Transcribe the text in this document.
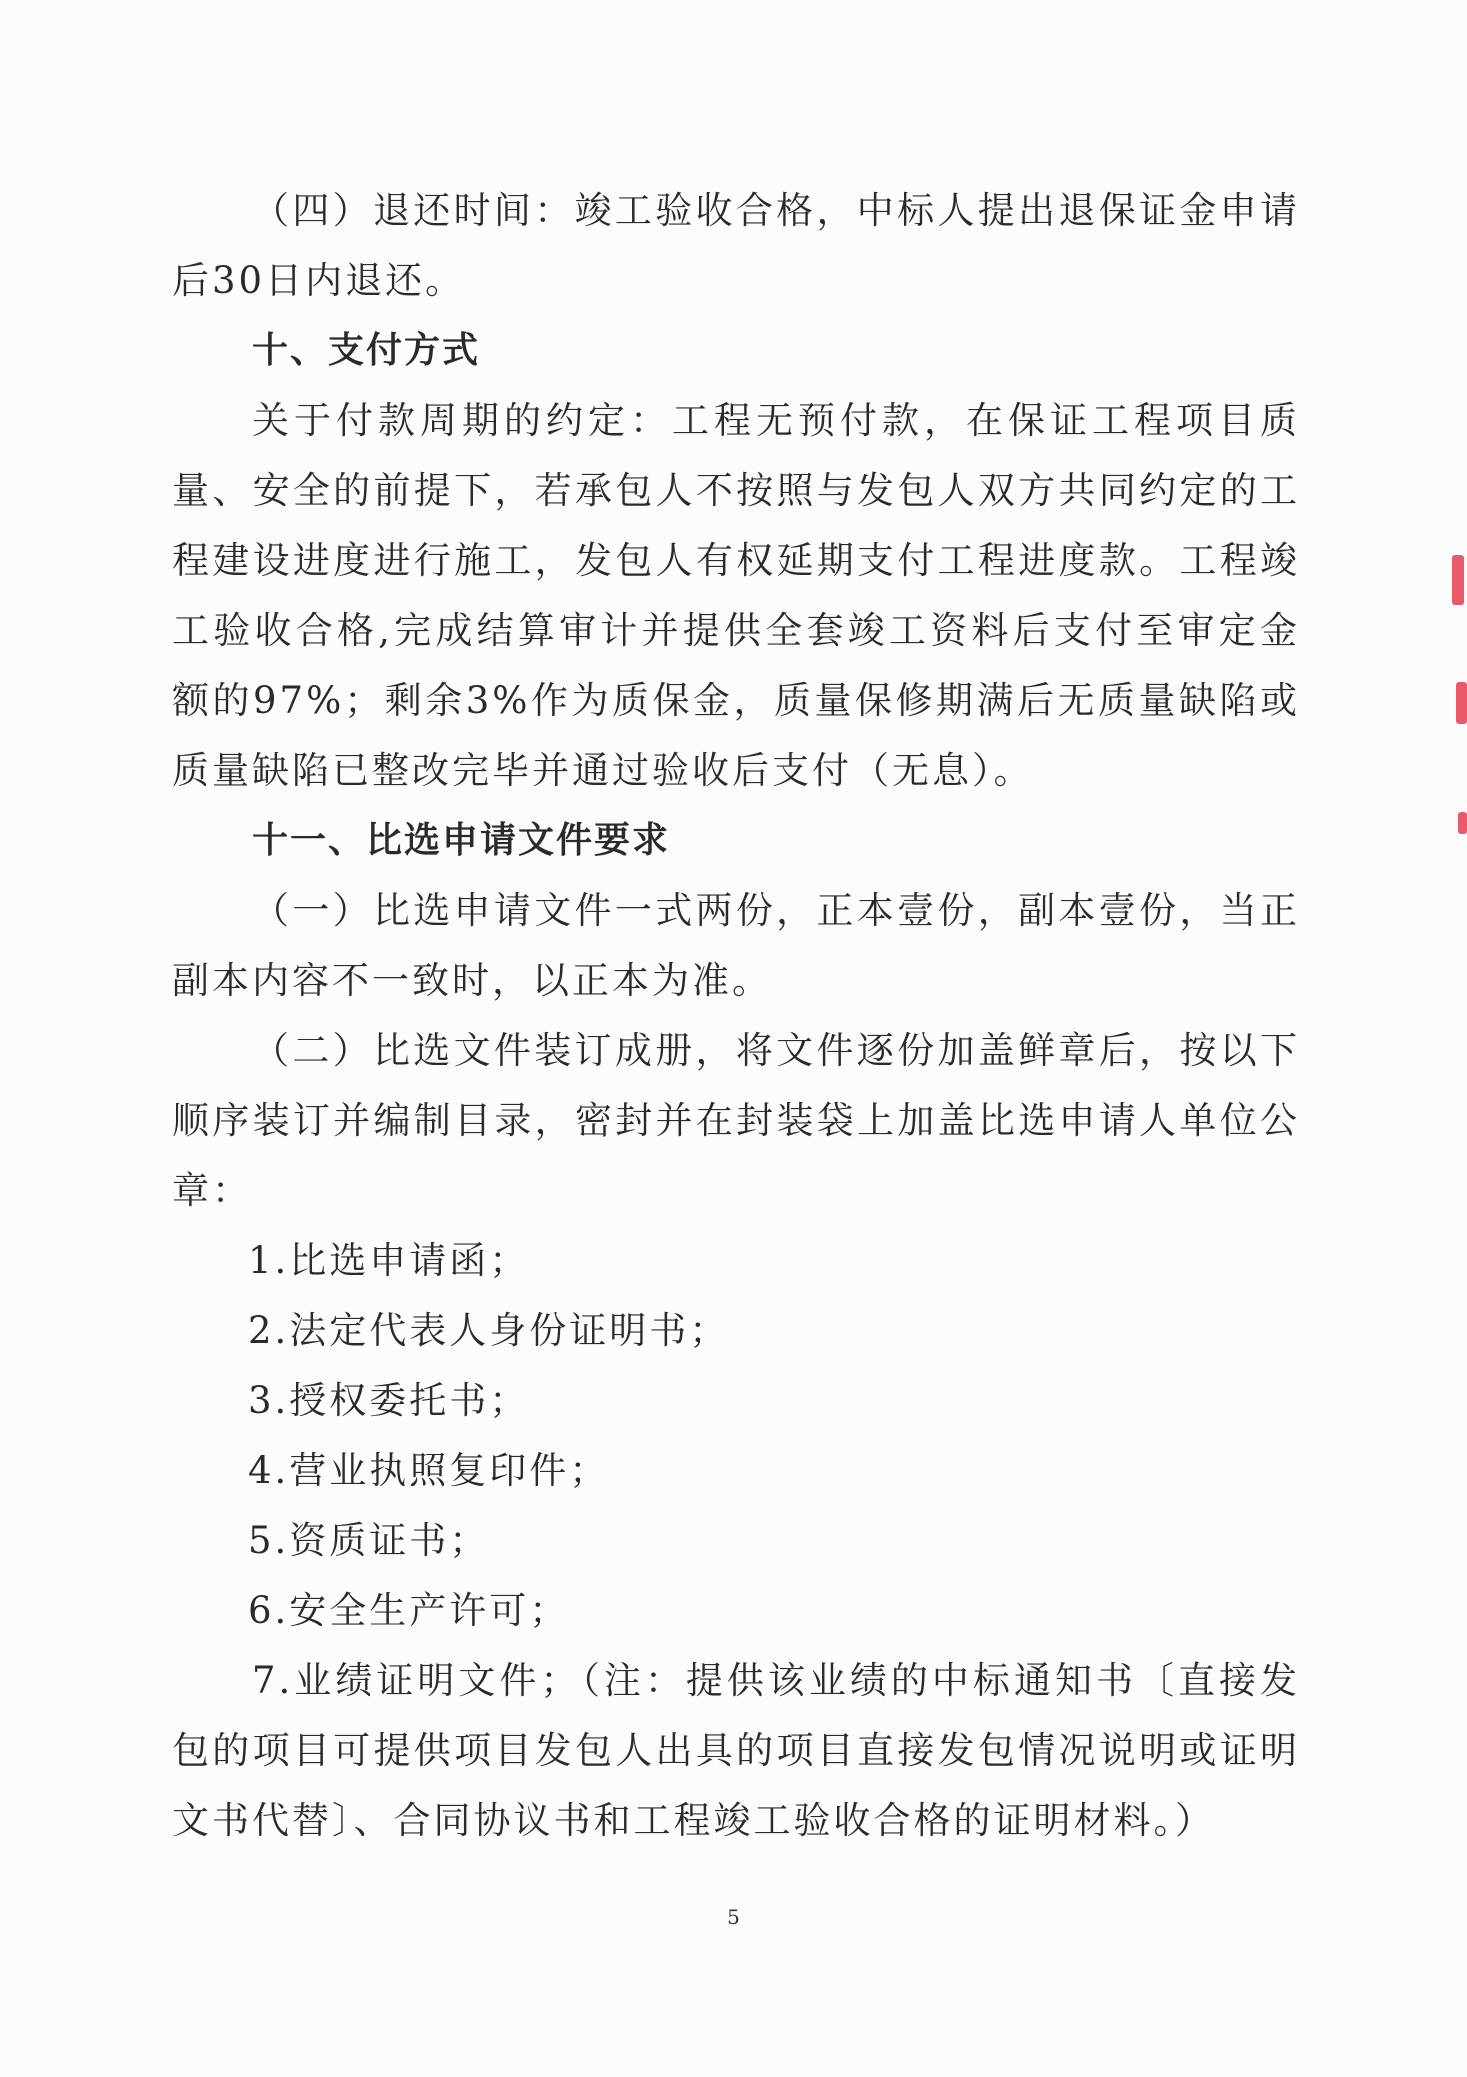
（四）退还时间：竣工验收合格，中标人提出退保证金申请后30日内退还。

十、支付方式

关于付款周期的约定：工程无预付款，在保证工程项目质量、安全的前提下，若承包人不按照与发包人双方共同约定的工程建设进度进行施工，发包人有权延期支付工程进度款。工程竣工验收合格,完成结算审计并提供全套竣工资料后支付至审定金额的97%；剩余3%作为质保金，质量保修期满后无质量缺陷或质量缺陷已整改完毕并通过验收后支付（无息）。

十一、比选申请文件要求

（一）比选申请文件一式两份，正本壹份，副本壹份，当正副本内容不一致时，以正本为准。

（二）比选文件装订成册，将文件逐份加盖鲜章后，按以下顺序装订并编制目录，密封并在封装袋上加盖比选申请人单位公章：

1.比选申请函；

2.法定代表人身份证明书；

3.授权委托书；

4.营业执照复印件；

5.资质证书；

6.安全生产许可；

7.业绩证明文件；（注：提供该业绩的中标通知书〔直接发包的项目可提供项目发包人出具的项目直接发包情况说明或证明文书代替〕、合同协议书和工程竣工验收合格的证明材料。）

5
